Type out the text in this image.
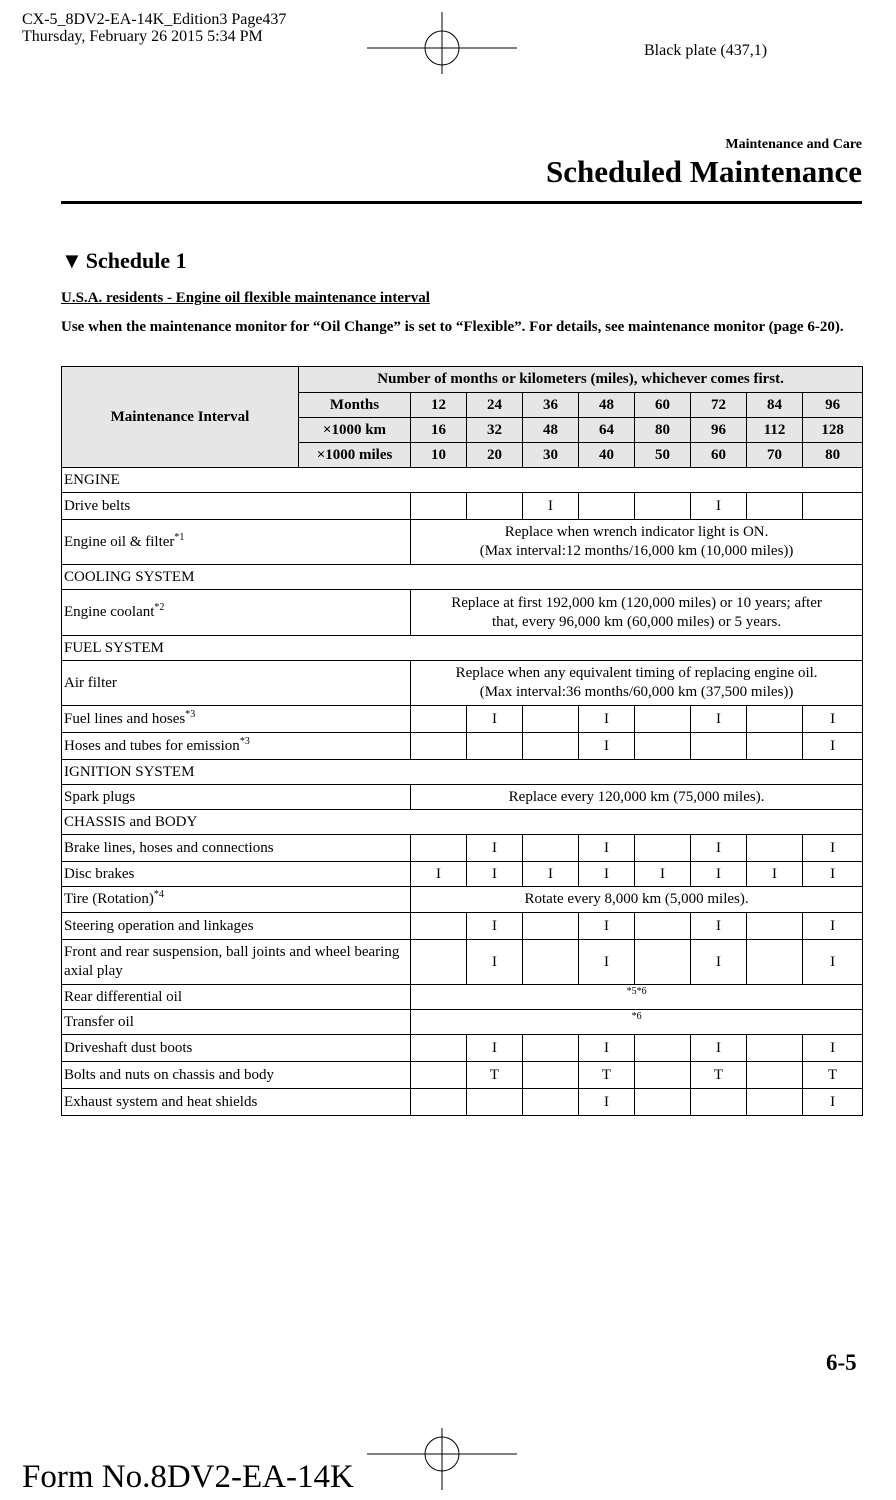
CX-5_8DV2-EA-14K_Edition3 Page437
Thursday, February 26 2015 5:34 PM
Black plate (437,1)
Maintenance and Care
Scheduled Maintenance
▼ Schedule 1
U.S.A. residents - Engine oil flexible maintenance interval
Use when the maintenance monitor for “Oil Change” is set to “Flexible”. For details, see maintenance monitor (page 6-20).
Maintenance Interval	Number of months or kilometers (miles), whichever comes first.								
	Months	12	24	36	48	60	72	84	96
	×1000 km	16	32	48	64	80	96	112	128
	×1000 miles	10	20	30	40	50	60	70	80
ENGINE									
Drive belts				I			I		
Engine oil & filter$^{*1}$		Replace when wrench indicator light is ON.
(Max interval:12 months/16,000 km (10,000 miles))							

COOLING SYSTEM									
Engine coolant$^{*2}$		Replace at first 192,000 km (120,000 miles) or 10 years; after
that, every 96,000 km (60,000 miles) or 5 years.							

FUEL SYSTEM									
Air filter		Replace when any equivalent timing of replacing engine oil.
(Max interval:36 months/60,000 km (37,500 miles))							

Fuel lines and hoses$^{*3}$			I		I		I		I
Hoses and tubes for emission$^{*3}$					I				I
IGNITION SYSTEM									
Spark plugs		Replace every 120,000 km (75,000 miles).							
CHASSIS and BODY									
Brake lines, hoses and connections			I		I		I		I
Disc brakes		I	I	I	I	I	I	I	I
Tire (Rotation)$^{*4}$		Rotate every 8,000 km (5,000 miles).							
Steering operation and linkages			I		I		I		I
Front and rear suspension, ball joints and wheel bearing axial play			I		I		I		I
Rear differential oil		*5*6							
Transfer oil		*6							
Driveshaft dust boots			I		I		I		I
Bolts and nuts on chassis and body			T		T		T		T
Exhaust system and heat shields					I				I
6-5
Form No.8DV2-EA-14K
